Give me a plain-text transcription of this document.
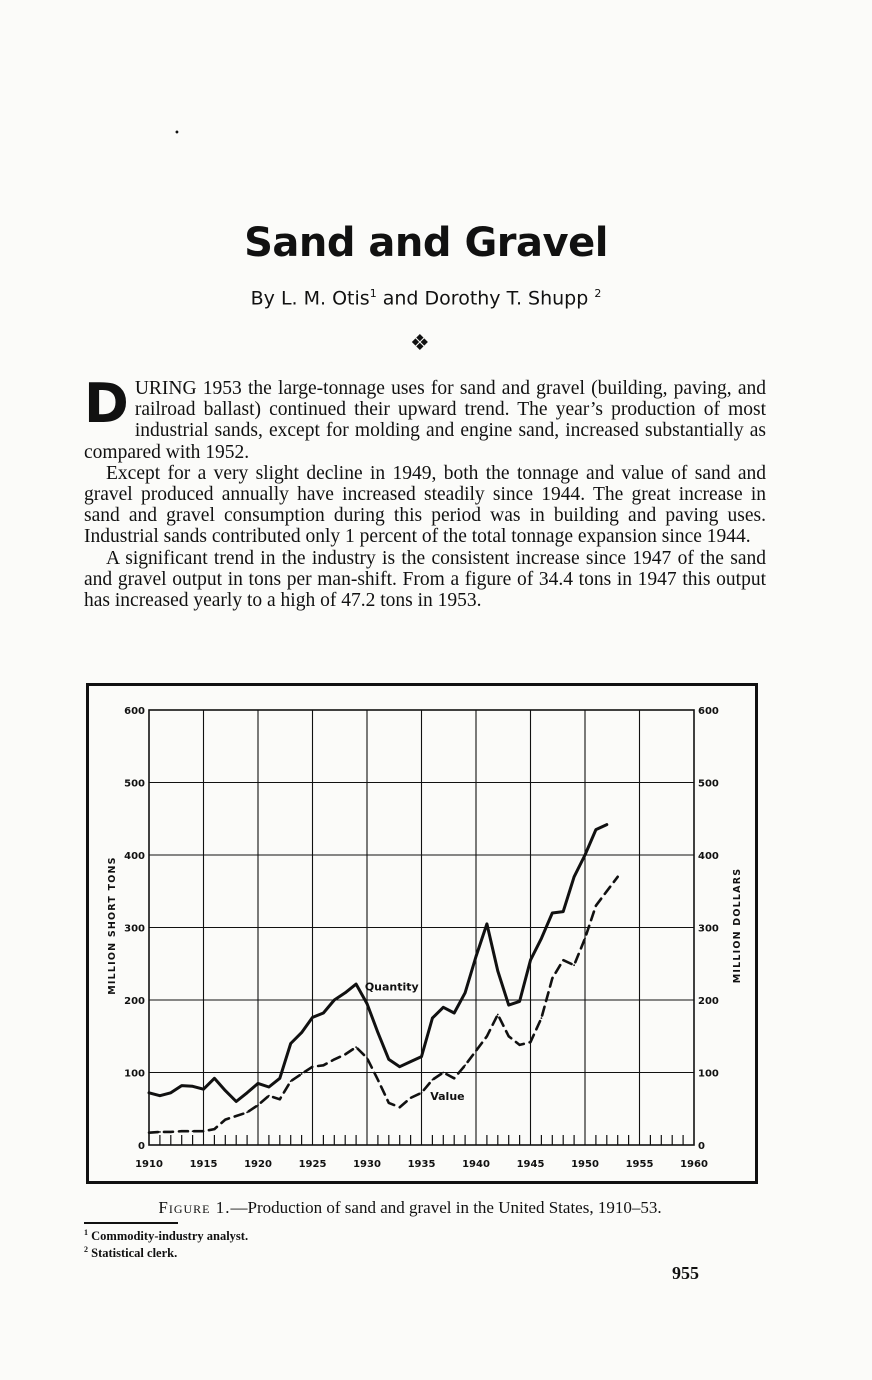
•
Sand and Gravel
By L. M. Otis$^1$ and Dorothy T. Shupp $^2$
❖

DURING 1953 the large-tonnage uses for sand and gravel (building, paving, and railroad ballast) continued their upward trend. The year’s production of most industrial sands, except for molding and engine sand, increased substantially as compared with 1952.

Except for a very slight decline in 1949, both the tonnage and value of sand and gravel produced annually have increased steadily since 1944. The great increase in sand and gravel consumption during this period was in building and paving uses. Industrial sands contributed only 1 percent of the total tonnage expansion since 1944.

A significant trend in the industry is the consistent increase since 1947 of the sand and gravel output in tons per man-shift. From a figure of 34.4 tons in 1947 this output has increased yearly to a high of 47.2 tons in 1953.

1910	1915	1920	1925	1930	1935	1940	1945	1950	1955	1960
0	0
100	100
200	200
300	300
400	400
500	500
600	600
MILLION SHORT TONS	MILLION DOLLARS
Quantity
Value
Figure 1.—Production of sand and gravel in the United States, 1910–53.
$^1$ Commodity-industry analyst.
$^2$ Statistical clerk.
955
